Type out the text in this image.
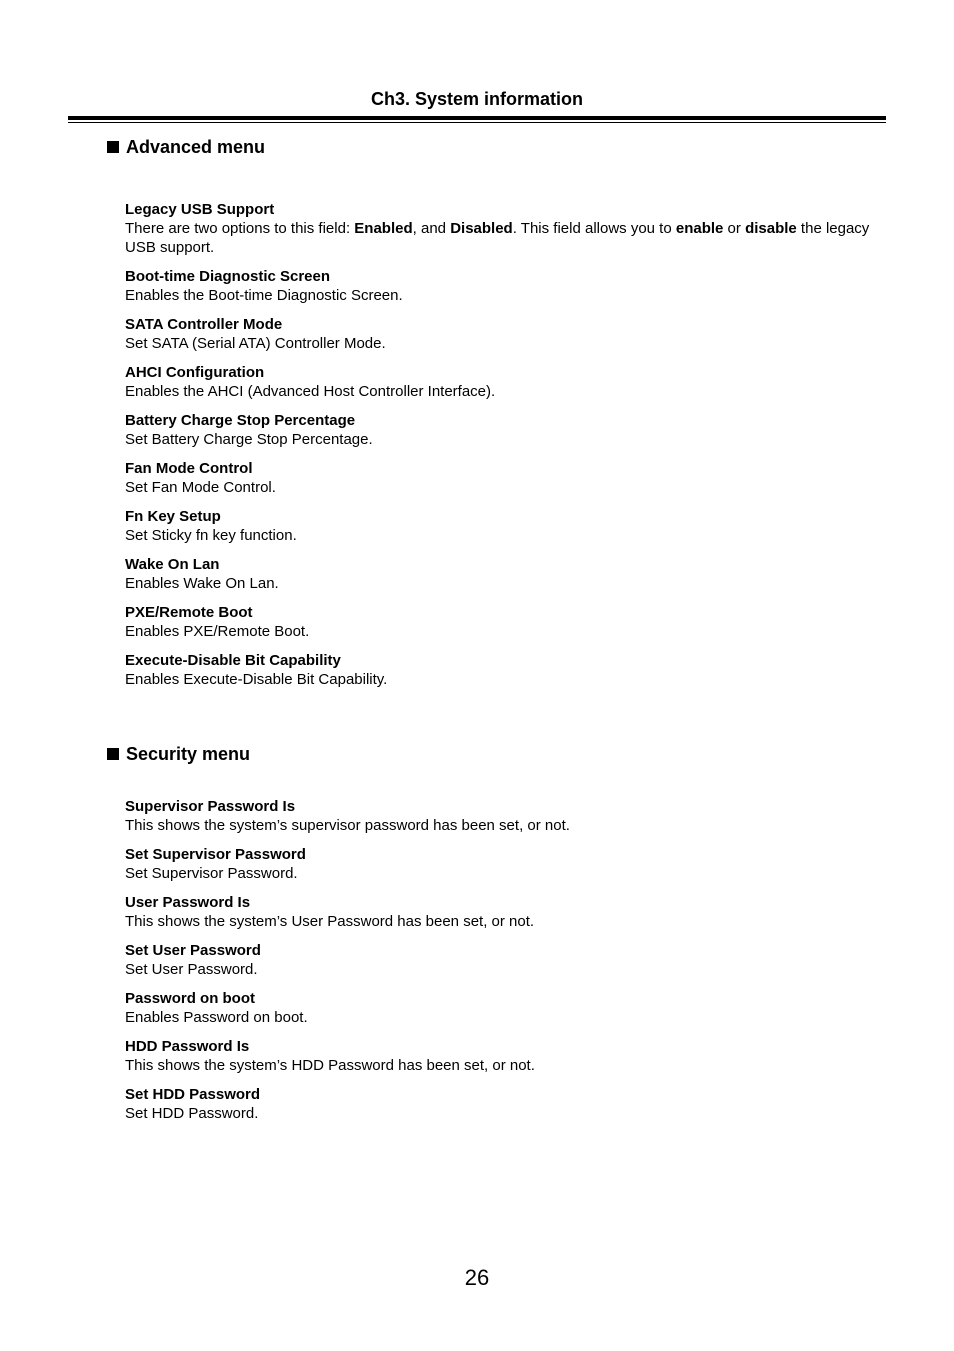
Ch3. System information
Advanced menu
Legacy USB Support
There are two options to this field: Enabled, and Disabled. This field allows you to enable or disable the legacy USB support.
Boot-time Diagnostic Screen
Enables the Boot-time Diagnostic Screen.
SATA Controller Mode
Set SATA (Serial ATA) Controller Mode.
AHCI Configuration
Enables the AHCI (Advanced Host Controller Interface).
Battery Charge Stop Percentage
Set Battery Charge Stop Percentage.
Fan Mode Control
Set Fan Mode Control.
Fn Key Setup
Set Sticky fn key function.
Wake On Lan
Enables Wake On Lan.
PXE/Remote Boot
Enables PXE/Remote Boot.
Execute-Disable Bit Capability
Enables Execute-Disable Bit Capability.
Security menu
Supervisor Password Is
This shows the system’s supervisor password has been set, or not.
Set Supervisor Password
Set Supervisor Password.
User Password Is
This shows the system’s User Password has been set, or not.
Set User Password
Set User Password.
Password on boot
Enables Password on boot.
HDD Password Is
This shows the system’s HDD Password has been set, or not.
Set HDD Password
Set HDD Password.
26
